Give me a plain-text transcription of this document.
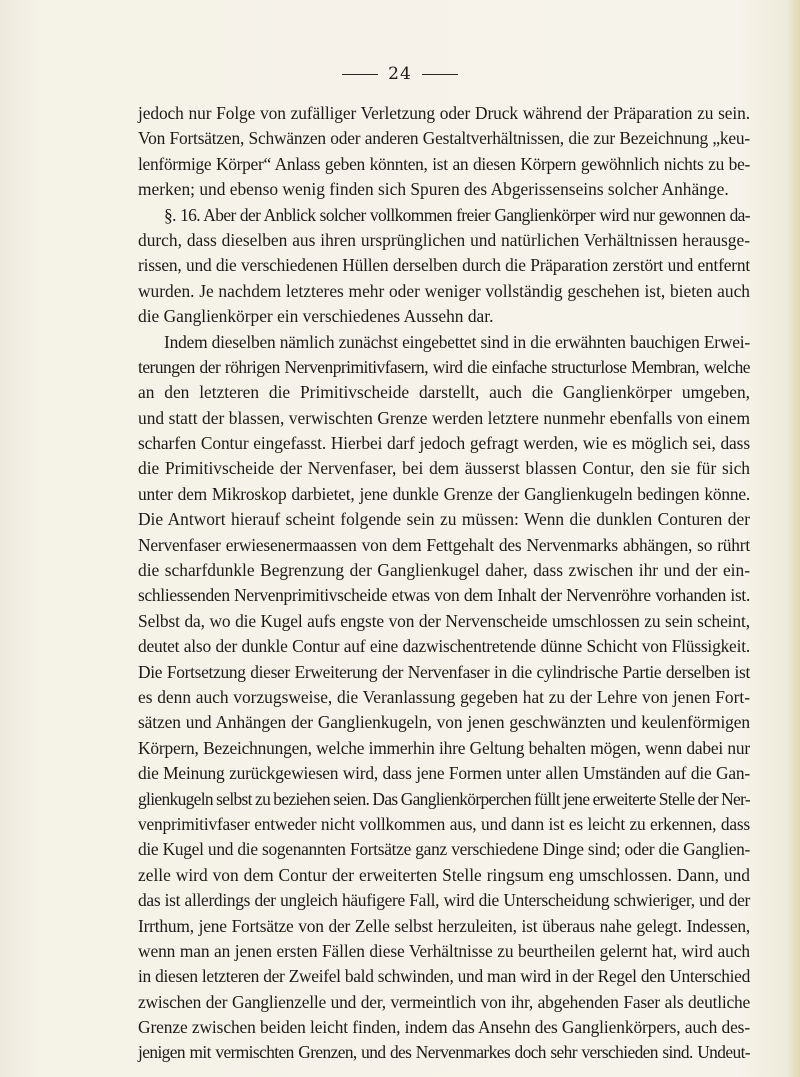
24
jedoch nur Folge von zufälliger Verletzung oder Druck während der Präparation zu sein.
Von Fortsätzen, Schwänzen oder anderen Gestaltverhältnissen, die zur Bezeichnung „keu-
lenförmige Körper“ Anlass geben könnten, ist an diesen Körpern gewöhnlich nichts zu be-
merken; und ebenso wenig finden sich Spuren des Abgerissenseins solcher Anhänge.
§. 16. Aber der Anblick solcher vollkommen freier Ganglienkörper wird nur gewonnen da-
durch, dass dieselben aus ihren ursprünglichen und natürlichen Verhältnissen herausge-
rissen, und die verschiedenen Hüllen derselben durch die Präparation zerstört und entfernt
wurden. Je nachdem letzteres mehr oder weniger vollständig geschehen ist, bieten auch
die Ganglienkörper ein verschiedenes Aussehn dar.
Indem dieselben nämlich zunächst eingebettet sind in die erwähnten bauchigen Erwei-
terungen der röhrigen Nervenprimitivfasern, wird die einfache structurlose Membran, welche
an den letzteren die Primitivscheide darstellt, auch die Ganglienkörper umgeben,
und statt der blassen, verwischten Grenze werden letztere nunmehr ebenfalls von einem
scharfen Contur eingefasst. Hierbei darf jedoch gefragt werden, wie es möglich sei, dass
die Primitivscheide der Nervenfaser, bei dem äusserst blassen Contur, den sie für sich
unter dem Mikroskop darbietet, jene dunkle Grenze der Ganglienkugeln bedingen könne.
Die Antwort hierauf scheint folgende sein zu müssen: Wenn die dunklen Conturen der
Nervenfaser erwiesenermaassen von dem Fettgehalt des Nervenmarks abhängen, so rührt
die scharfdunkle Begrenzung der Ganglienkugel daher, dass zwischen ihr und der ein-
schliessenden Nervenprimitivscheide etwas von dem Inhalt der Nervenröhre vorhanden ist.
Selbst da, wo die Kugel aufs engste von der Nervenscheide umschlossen zu sein scheint,
deutet also der dunkle Contur auf eine dazwischentretende dünne Schicht von Flüssigkeit.
Die Fortsetzung dieser Erweiterung der Nervenfaser in die cylindrische Partie derselben ist
es denn auch vorzugsweise, die Veranlassung gegeben hat zu der Lehre von jenen Fort-
sätzen und Anhängen der Ganglienkugeln, von jenen geschwänzten und keulenförmigen
Körpern, Bezeichnungen, welche immerhin ihre Geltung behalten mögen, wenn dabei nur
die Meinung zurückgewiesen wird, dass jene Formen unter allen Umständen auf die Gan-
glienkugeln selbst zu beziehen seien. Das Ganglienkörperchen füllt jene erweiterte Stelle der Ner-
venprimitivfaser entweder nicht vollkommen aus, und dann ist es leicht zu erkennen, dass
die Kugel und die sogenannten Fortsätze ganz verschiedene Dinge sind; oder die Ganglien-
zelle wird von dem Contur der erweiterten Stelle ringsum eng umschlossen. Dann, und
das ist allerdings der ungleich häufigere Fall, wird die Unterscheidung schwieriger, und der
Irrthum, jene Fortsätze von der Zelle selbst herzuleiten, ist überaus nahe gelegt. Indessen,
wenn man an jenen ersten Fällen diese Verhältnisse zu beurtheilen gelernt hat, wird auch
in diesen letzteren der Zweifel bald schwinden, und man wird in der Regel den Unterschied
zwischen der Ganglienzelle und der, vermeintlich von ihr, abgehenden Faser als deutliche
Grenze zwischen beiden leicht finden, indem das Ansehn des Ganglienkörpers, auch des-
jenigen mit vermischten Grenzen, und des Nervenmarkes doch sehr verschieden sind. Undeut-
